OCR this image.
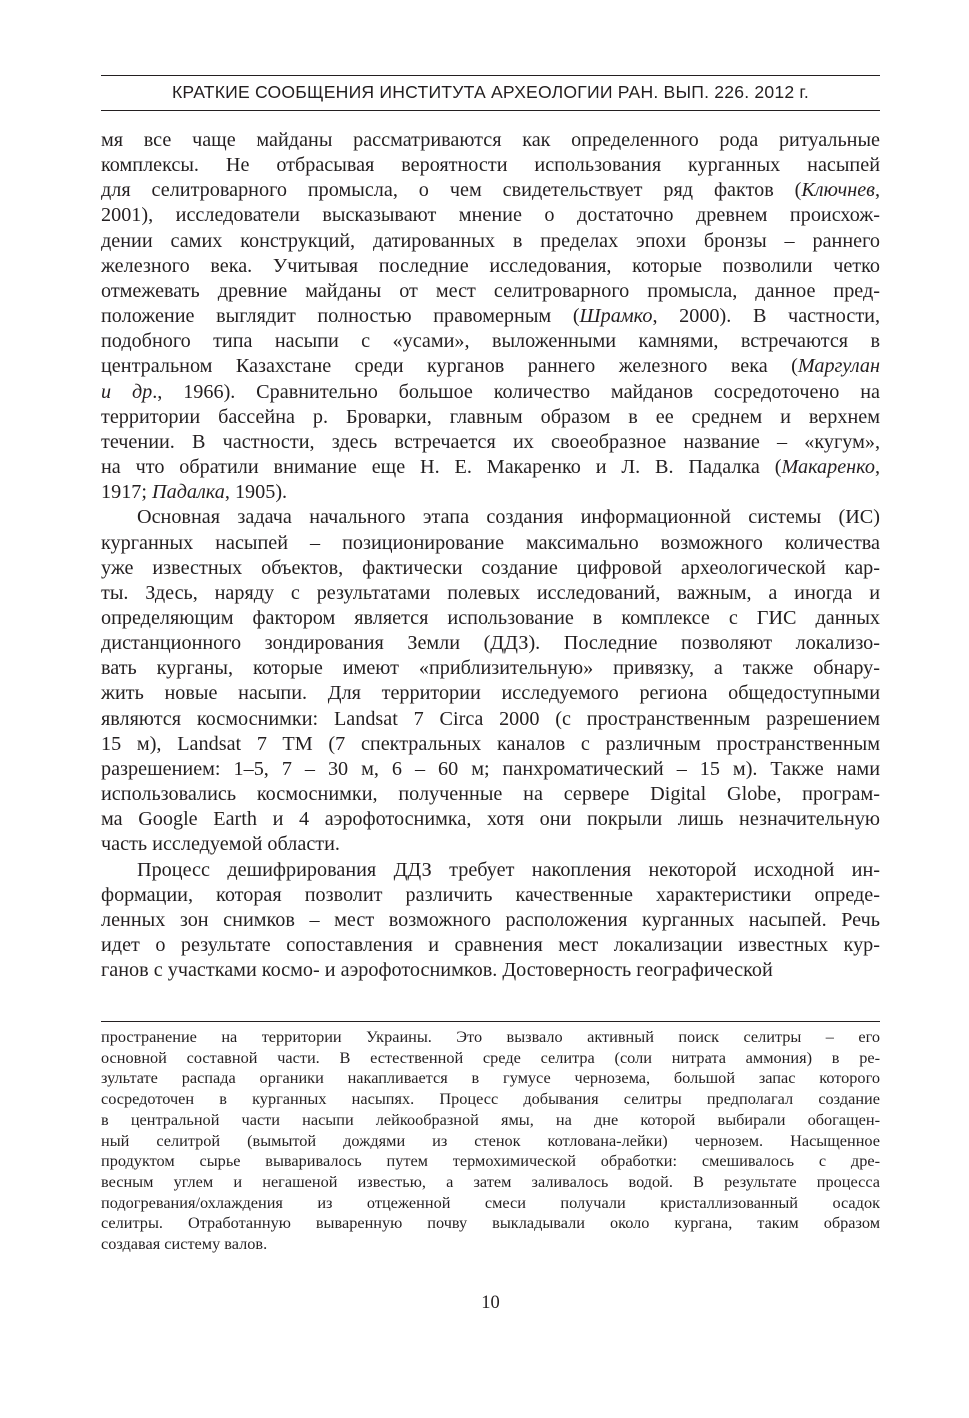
КРАТКИЕ СООБЩЕНИЯ ИНСТИТУТА АРХЕОЛОГИИ РАН. ВЫП. 226. 2012 г.

мя все чаще майданы рассматриваются как определенного рода ритуальные
комплексы. Не отбрасывая вероятности использования курганных насыпей
для селитроварного промысла, о чем свидетельствует ряд фактов (Ключнев,
2001), исследователи высказывают мнение о достаточно древнем происхож-
дении самих конструкций, датированных в пределах эпохи бронзы – раннего
железного века. Учитывая последние исследования, которые позволили четко
отмежевать древние майданы от мест селитроварного промысла, данное пред-
положение выглядит полностью правомерным (Шрамко, 2000). В частности,
подобного типа насыпи с «усами», выложенными камнями, встречаются в
центральном Казахстане среди курганов раннего железного века (Маргулан
и др., 1966). Сравнительно большое количество майданов сосредоточено на
территории бассейна р. Броварки, главным образом в ее среднем и верхнем
течении. В частности, здесь встречается их своеобразное название – «кугум»,
на что обратили внимание еще Н. Е. Макаренко и Л. В. Падалка (Макаренко,
1917; Падалка, 1905).

Основная задача начального этапа создания информационной системы (ИС)
курганных насыпей – позиционирование максимально возможного количества
уже известных объектов, фактически создание цифровой археологической кар-
ты. Здесь, наряду с результатами полевых исследований, важным, а иногда и
определяющим фактором является использование в комплексе с ГИС данных
дистанционного зондирования Земли (ДДЗ). Последние позволяют локализо-
вать курганы, которые имеют «приблизительную» привязку, а также обнару-
жить новые насыпи. Для территории исследуемого региона общедоступными
являются космоснимки: Landsat 7 Circa 2000 (с пространственным разрешением
15 м), Landsat 7 TM (7 спектральных каналов с различным пространственным
разрешением: 1–5, 7 – 30 м, 6 – 60 м; панхроматический – 15 м). Также нами
использовались космоснимки, полученные на сервере Digital Globe, програм-
ма Google Earth и 4 аэрофотоснимка, хотя они покрыли лишь незначительную
часть исследуемой области.

Процесс дешифрирования ДДЗ требует накопления некоторой исходной ин-
формации, которая позволит различить качественные характеристики опреде-
ленных зон снимков – мест возможного расположения курганных насыпей. Речь
идет о результате сопоставления и сравнения мест локализации известных кур-
ганов с участками космо- и аэрофотоснимков. Достоверность географической

пространение на территории Украины. Это вызвало активный поиск селитры – его
основной составной части. В естественной среде селитра (соли нитрата аммония) в ре-
зультате распада органики накапливается в гумусе чернозема, большой запас которого
сосредоточен в курганных насыпях. Процесс добывания селитры предполагал создание
в центральной части насыпи лейкообразной ямы, на дне которой выбирали обогащен-
ный селитрой (вымытой дождями из стенок котлована-лейки) чернозем. Насыщенное
продуктом сырье вываривалось путем термохимической обработки: смешивалось с дре-
весным углем и негашеной известью, а затем заливалось водой. В результате процесса
подогревания/охлаждения из отцеженной смеси получали кристаллизованный осадок
селитры. Отработанную вываренную почву выкладывали около кургана, таким образом
создавая систему валов.
10
